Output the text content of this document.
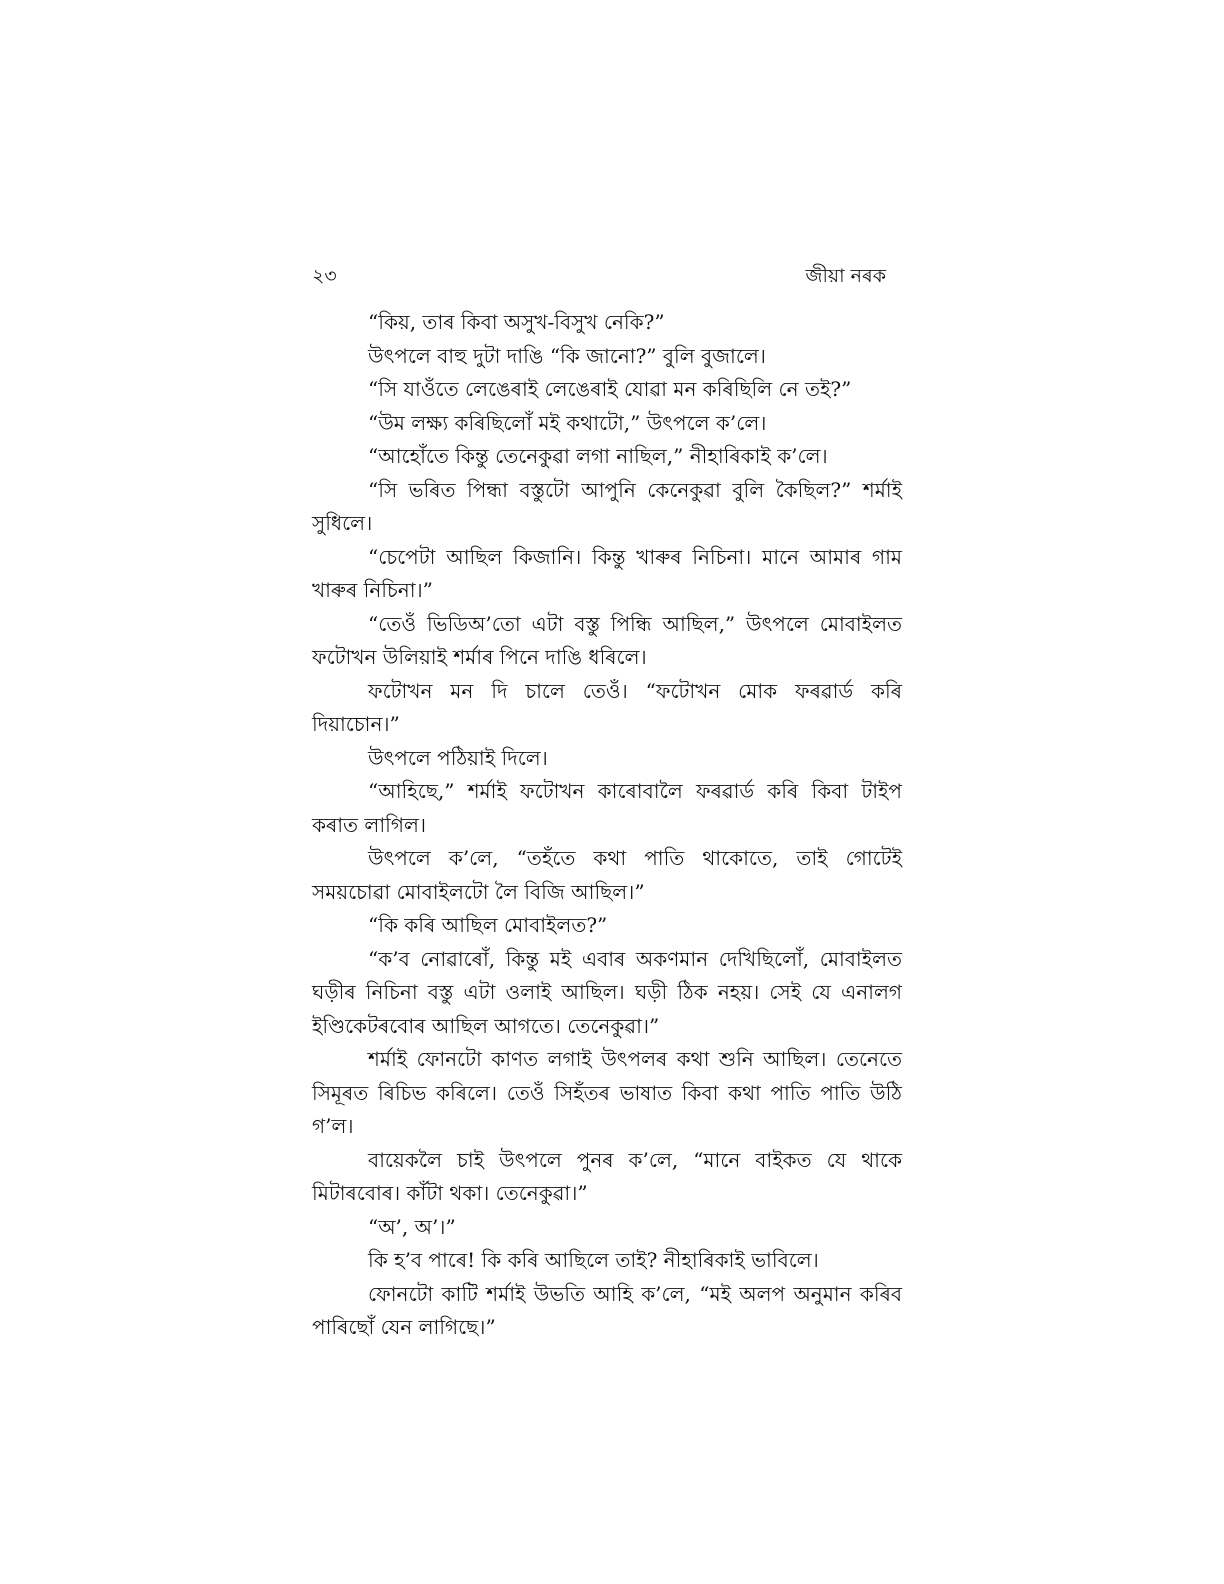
২৩	জীয়া নৰক

“কিয়, তাৰ কিবা অসুখ-বিসুখ নেকি?”

উৎপলে বাহু দুটা দাঙি “কি জানো?” বুলি বুজালে।

“সি যাওঁতে লেঙেৰাই লেঙেৰাই যোৱা মন কৰিছিলি নে তই?”

“উম লক্ষ্য কৰিছিলোঁ মই কথাটো,” উৎপলে ক’লে।

“আহোঁতে কিন্তু তেনেকুৱা লগা নাছিল,” নীহাৰিকাই ক’লে।

“সি ভৰিত পিন্ধা বস্তুটো আপুনি কেনেকুৱা বুলি কৈছিল?” শৰ্মাই সুধিলে।

“চেপেটা আছিল কিজানি। কিন্তু খাৰুৰ নিচিনা। মানে আমাৰ গাম খাৰুৰ নিচিনা।”

“তেওঁ ভিডিঅ’তো এটা বস্তু পিন্ধি আছিল,” উৎপলে মোবাইলত ফটোখন উলিয়াই শৰ্মাৰ পিনে দাঙি ধৰিলে।

ফটোখন মন দি চালে তেওঁ। “ফটোখন মোক ফৰৱাৰ্ড কৰি দিয়াচোন।”

উৎপলে পঠিয়াই দিলে।

“আহিছে,” শৰ্মাই ফটোখন কাৰোবালৈ ফৰৱাৰ্ড কৰি কিবা টাইপ কৰাত লাগিল।

উৎপলে ক’লে, “তহঁতে কথা পাতি থাকোতে, তাই গোটেই সময়চোৱা মোবাইলটো লৈ বিজি আছিল।”

“কি কৰি আছিল মোবাইলত?”

“ক’ব নোৱাৰোঁ, কিন্তু মই এবাৰ অকণমান দেখিছিলোঁ, মোবাইলত ঘড়ীৰ নিচিনা বস্তু এটা ওলাই আছিল। ঘড়ী ঠিক নহয়। সেই যে এনালগ ইণ্ডিকেটৰবোৰ আছিল আগতে। তেনেকুৱা।”

শৰ্মাই ফোনটো কাণত লগাই উৎপলৰ কথা শুনি আছিল। তেনেতে সিমূৰত ৰিচিভ কৰিলে। তেওঁ সিহঁতৰ ভাষাত কিবা কথা পাতি পাতি উঠি গ’ল।

বায়েকলৈ চাই উৎপলে পুনৰ ক’লে, “মানে বাইকত যে থাকে মিটাৰবোৰ। কাঁটা থকা। তেনেকুৱা।”

“অ’, অ’।”

কি হ’ব পাৰে! কি কৰি আছিলে তাই? নীহাৰিকাই ভাবিলে।

ফোনটো কাটি শৰ্মাই উভতি আহি ক’লে, “মই অলপ অনুমান কৰিব পাৰিছোঁ যেন লাগিছে।”
